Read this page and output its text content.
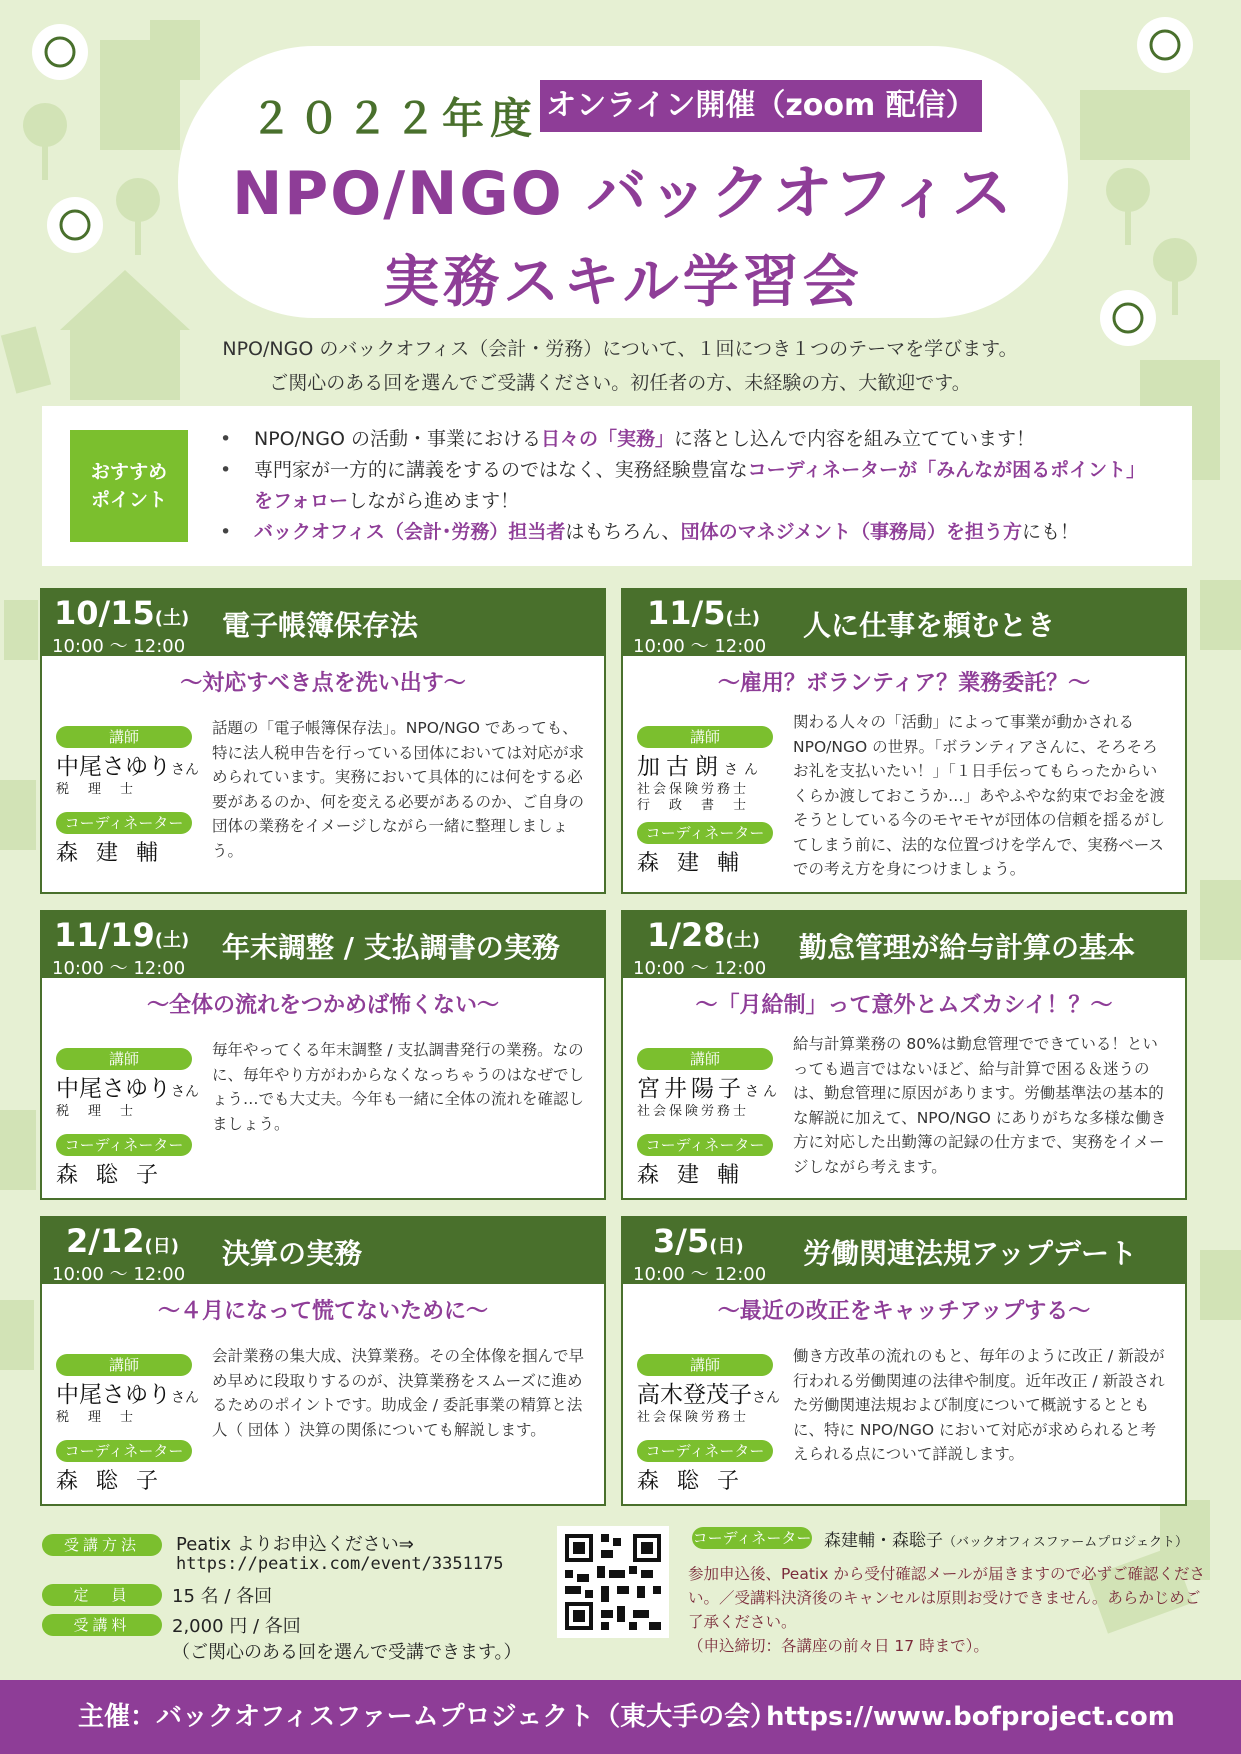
２０２２年度 オンライン開催（zoom 配信）
NPO/NGO バックオフィス
実務スキル学習会
NPO/NGO のバックオフィス（会計・労務）について、１回につき１つのテーマを学びます。
ご関心のある回を選んでご受講ください。初任者の方、未経験の方、大歓迎です。
おすすめ
ポイント
• NPO/NGO の活動・事業における日々の「実務」に落とし込んで内容を組み立てています！
• 専門家が一方的に講義をするのではなく、実務経験豊富なコーディネーターが「みんなが困るポイント」をフォローしながら進めます！
• バックオフィス（会計･労務）担当者はもちろん、団体のマネジメント（事務局）を担う方にも！
10/15(土)
10:00 ～ 12:00
電子帳簿保存法
～対応すべき点を洗い出す～
講師
中尾さゆりさん
税　理　士
コーディネーター
森建輔
話題の「電子帳簿保存法」。NPO/NGO であっても、特に法人税申告を行っている団体においては対応が求められています。実務において具体的には何をする必要があるのか、何を変える必要があるのか、ご自身の団体の業務をイメージしながら一緒に整理しましょう。
11/5(土)
10:00 ～ 12:00
人に仕事を頼むとき
～雇用？ボランティア？業務委託？～
講師
加古朗さん
社会保険労務士
行　政　書　士
コーディネーター
森建輔
関わる人々の「活動」によって事業が動かされる NPO/NGO の世界。「ボランティアさんに、そろそろお礼を支払いたい！」「１日手伝ってもらったからいくらか渡しておこうか…」あやふやな約束でお金を渡そうとしている今のモヤモヤが団体の信頼を揺るがしてしまう前に、法的な位置づけを学んで、実務ベースでの考え方を身につけましょう。
11/19(土)
10:00 ～ 12:00
年末調整 / 支払調書の実務
～全体の流れをつかめば怖くない～
講師
中尾さゆりさん
税　理　士
コーディネーター
森聡子
毎年やってくる年末調整 / 支払調書発行の業務。なのに、毎年やり方がわからなくなっちゃうのはなぜでしょう…でも大丈夫。今年も一緒に全体の流れを確認しましょう。
1/28(土)
10:00 ～ 12:00
勤怠管理が給与計算の基本
～「月給制」って意外とムズカシイ！？～
講師
宮井陽子さん
社会保険労務士
コーディネーター
森建輔
給与計算業務の 80%は勤怠管理でできている！といっても過言ではないほど、給与計算で困る＆迷うのは、勤怠管理に原因があります。労働基準法の基本的な解説に加えて、NPO/NGO にありがちな多様な働き方に対応した出勤簿の記録の仕方まで、実務をイメージしながら考えます。
2/12(日)
10:00 ～ 12:00
決算の実務
～４月になって慌てないために～
講師
中尾さゆりさん
税　理　士
コーディネーター
森聡子
会計業務の集大成、決算業務。その全体像を掴んで早め早めに段取りするのが、決算業務をスムーズに進めるためのポイントです。助成金 / 委託事業の精算と法人（ 団体 ）決算の関係についても解説します。
3/5(日)
10:00 ～ 12:00
労働関連法規アップデート
～最近の改正をキャッチアップする～
講師
高木登茂子さん
社会保険労務士
コーディネーター
森聡子
働き方改革の流れのもと、毎年のように改正 / 新設が行われる労働関連の法律や制度。近年改正 / 新設された労働関連法規および制度について概説するとともに、特に NPO/NGO において対応が求められると考えられる点について詳説します。
受講方法	Peatix よりお申込ください⇒
https://peatix.com/event/3351175
定　員	15 名 / 各回
受講料	2,000 円 / 各回
（ご関心のある回を選んで受講できます。）
コーディネーター 森建輔・森聡子（バックオフィスファームプロジェクト）
参加申込後、Peatix から受付確認メールが届きますので必ずご確認ください。／受講料決済後のキャンセルは原則お受けできません。あらかじめご了承ください。
（申込締切：各講座の前々日 17 時まで）。
主催：バックオフィスファームプロジェクト（東大手の会）
https://www.bofproject.com
